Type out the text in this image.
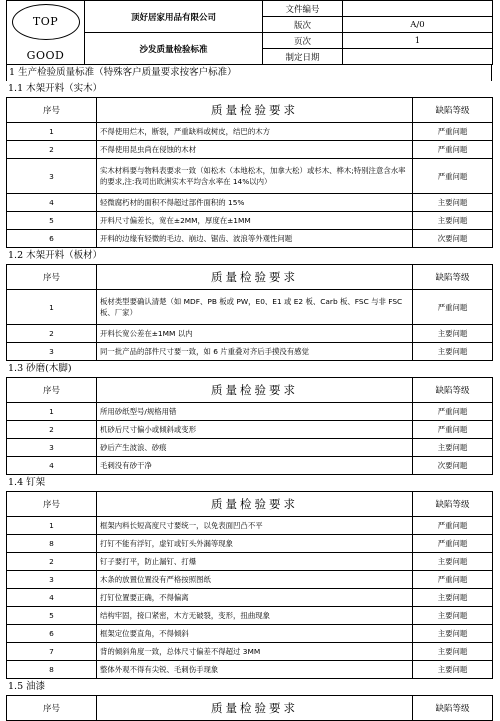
TOP GOOD	顶好居家用品有限公司	文件编号	
		版次	A/0
	沙发质量检验标准	页次	1
		制定日期	
1 生产检验质量标准（特殊客户质量要求按客户标准）
1.1 木架开料（实木）
序号	质量检验要求	缺陷等级
1	不得使用烂木，断裂，严重缺料或树皮，结巴的木方	严重问题
2	不得使用昆虫尚在侵蚀的木材	严重问题
3	实木材料要与物料表要求一致（如松木（本地松木，加拿大松）或杉木、桦木;特别注意含水率的要求,注:我司出欧洲实木平均含水率在 14%以内）	严重问题
4	轻微腐朽材的面积不得超过部件面积的 15%	主要问题
5	开料尺寸偏差长，宽在±2MM，厚度在±1MM	主要问题
6	开料的边缘有轻微的毛边、崩边、锯齿、波浪等外观性问题	次要问题
1.2 木架开料（板材）
序号	质量检验要求	缺陷等级
1	板材类型要确认清楚（如 MDF、PB 板或 PW，E0、E1 或 E2 板、Carb 板、FSC 与非 FSC 板、厂家）	严重问题
2	开料长宽公差在±1MM 以内	主要问题
3	同一批产品的部件尺寸要一致，如 6 片重叠对齐后手摸没有感觉	主要问题
1.3 砂磨(木脚)
序号	质量检验要求	缺陷等级
1	所用砂纸型号/规格用错	严重问题
2	机砂后尺寸偏小或倾斜或变形	严重问题
3	砂后产生波浪、砂痕	主要问题
4	毛刺没有砂干净	次要问题
1.4 钉架
序号	质量检验要求	缺陷等级
1	框架内料长短高度尺寸要统一，以免表面凹凸不平	严重问题
8	打钉不能有浮钉，虚钉或钉头外漏等现象	严重问题
2	钉子要打平，防止漏钉、打爆	主要问题
3	木条的放置位置没有严格按照图纸	严重问题
4	打钉位置要正确，不得偏离	主要问题
5	结构牢固，接口紧密，木方无破裂，变形，扭曲现象	主要问题
6	框架定位要直角，不得倾斜	主要问题
7	背的倾斜角度一致，总体尺寸偏差不得超过 3MM	主要问题
8	整体外观不得有尖锐、毛刺伤手现象	主要问题
1.5 油漆
序号	质量检验要求	缺陷等级
